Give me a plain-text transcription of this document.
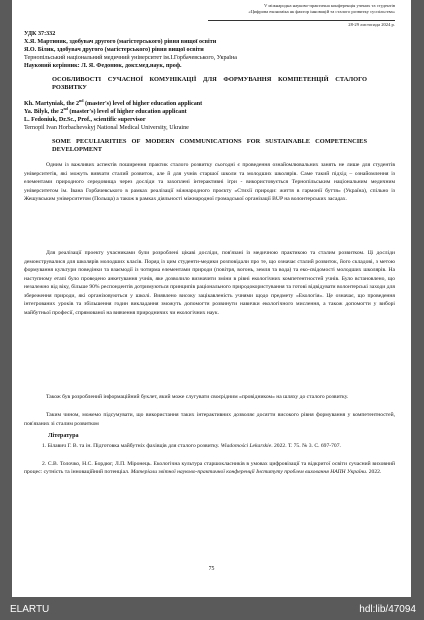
V міжнародна науково-практична конференція учених та студентів
«Цифрова економіка як фактор інновацій та сталого розвитку суспільства»
28-29 листопада 2024 р.
УДК 37:332
Х.Я. Мартиняк, здобувач другого (магістерського) рівня вищої освіти
Я.О. Білик, здобувач другого (магістерського) рівня вищої освіти
Тернопільський національний медичний університет ім.І.Горбачевського, Україна
Науковий керівник: Л. Я. Федонюк, докт.мед.наук, проф.
ОСОБЛИВОСТІ СУЧАСНОЇ КОМУНІКАЦІЇ ДЛЯ ФОРМУВАННЯ КОМПЕТЕНЦІЙ СТАЛОГО РОЗВИТКУ
Kh. Martyniak, the 2nd (master's) level of higher education applicant
Ya. Bilyk, the 2nd (master's) level of higher education applicant
L. Fedoniuk, Dr.Sc., Prof., scientific supervisor
Ternopil Ivan Horbachevskyj National Medical University, Ukraine
SOME PECULIARITIES OF MODERN COMMUNICATIONS FOR SUSTAINABLE COMPETENCIES DEVELOPMENT
Одним із важливих аспектів поширення практик сталого розвитку сьогодні є проведення ознайомлювальних занять не лише для студентів університетів, які можуть вивчати сталий розвиток, але й для учнів старшої школи та молодших школярів. Саме такий підхід – ознайомлення із елементами природного середовища через досліди та захоплені інтерактивні ігри - використовується Тернопільським національним медичним університетом ім. Івана Горбачевського в рамках реалізації міжнародного проєкту «Стихії природи: життя в гармонії буття» (Україна), спільно із Жешувським університетом (Польща) а також в рамках діяльності міжнародної громадської організації BUP на волонтерських засадах.
Для реалізації проекту учасниками були розроблені цікаві досліди, пов'язані із медичною практикою та сталим розвитком. Ці досліди демонструвалися для школярів молодших класів. Поряд із цим студенти-медики розповідали про те, що означає сталий розвиток, його складові, з метою формування культури поведінки та взаємодії із чотирма елементами природи (повітря, вогонь, земля та вода) та еко-свідомості молодших школярів. На наступному етапі було проведено анкетування учнів, яке дозволило визначити зміни в рівні екологічних компетентностей учнів. Було встановлено, що незалежно від віку, більше 90% респондентів дотримуються принципів раціонального природокористування та готові відвідувати волонтерські заходи для збереження природи, які організовуються у школі. Виявлено високу зацікавленість учнями щодо предмету «Екологія». Це означає, що проведення інтегрованих уроків та збільшення годин викладання зможуть допомогти розвинути навички екологічного мислення, а також допомогти у виборі майбутньої професії, спрямованої на вивчення природничих чи екологічних наук.
Також був розроблений інформаційний буклет, який може слугувати своєрідним «провідником» на шляху до сталого розвитку.
Таким чином, можемо підсумувати, що використання таких інтерактивних дозволяє досягти високого рівня формування у компетентностей, пов'язаних зі сталим розвитком
Література
1. Білавич Г. В. та ін. Підготовка майбутніх фахівців для сталого розвитку. Wiadomości Lekarskie. 2022. Т. 75. № 3. С. 697-707.
2. С.В. Толочко, Н.С. Бордюг, Л.П. Міронець. Екологічна культура старшокласників в умовах цифровізації та відкритої освіти сучасний виховний процес: сутність та інноваційний потенціал. Матеріали звітної науково-практичної конференції Інституту проблем виховання НАПН України. 2022.
75
ELARTU	hdl:lib/47094
